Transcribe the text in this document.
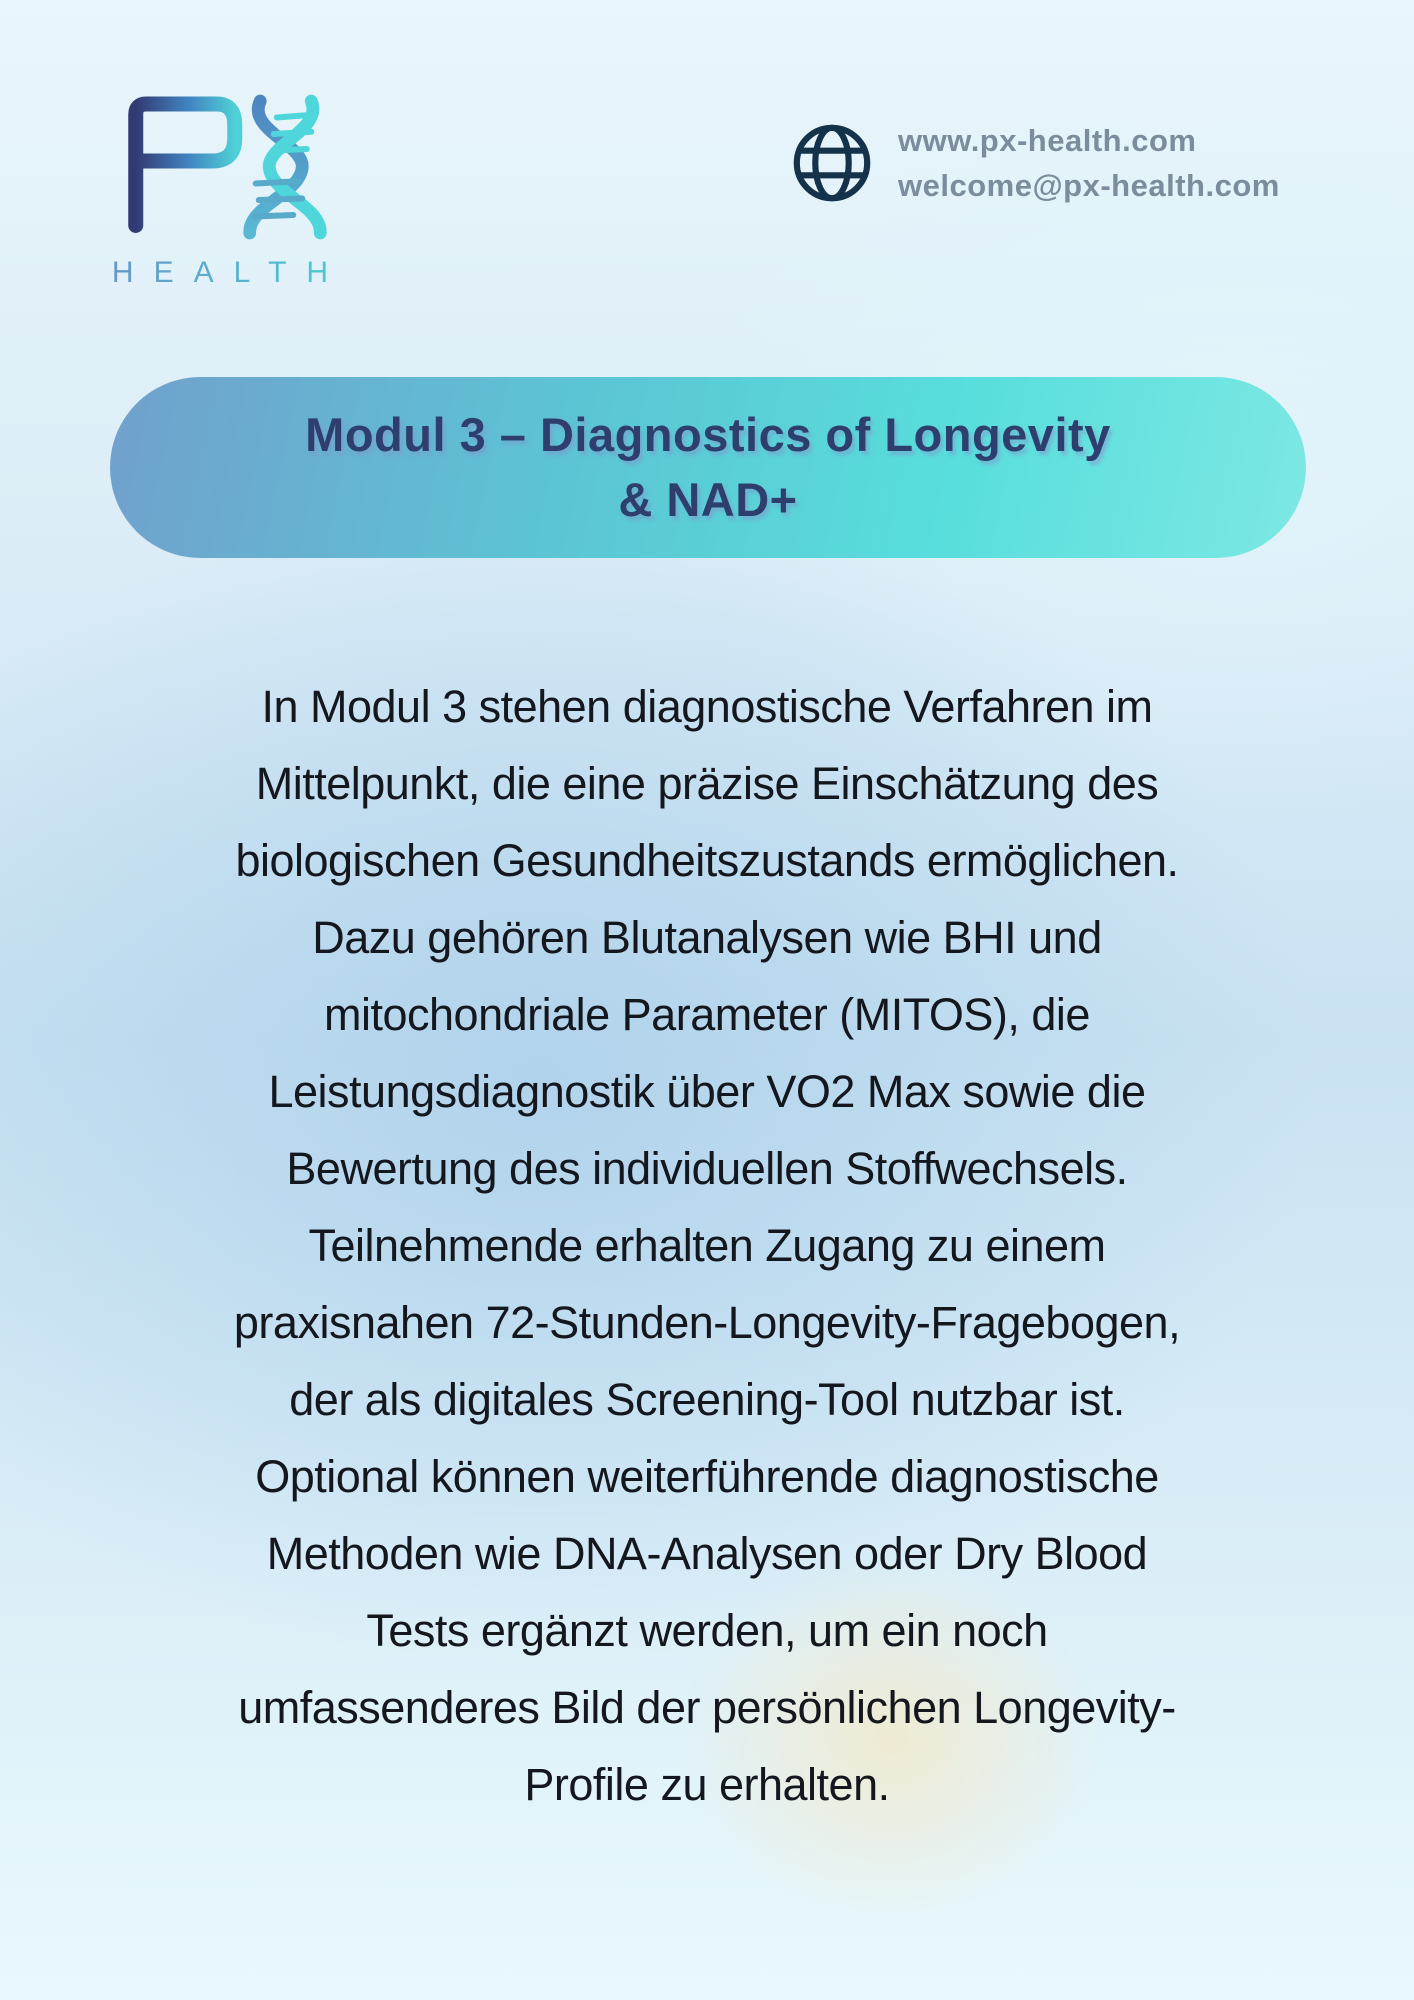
HEALTH
www.px-health.com
welcome@px-health.com
Modul 3 – Diagnostics of Longevity
& NAD+
In Modul 3 stehen diagnostische Verfahren im
Mittelpunkt, die eine präzise Einschätzung des
biologischen Gesundheitszustands ermöglichen.
Dazu gehören Blutanalysen wie BHI und
mitochondriale Parameter (MITOS), die
Leistungsdiagnostik über VO2 Max sowie die
Bewertung des individuellen Stoffwechsels.
Teilnehmende erhalten Zugang zu einem
praxisnahen 72-Stunden-Longevity-Fragebogen,
der als digitales Screening-Tool nutzbar ist.
Optional können weiterführende diagnostische
Methoden wie DNA-Analysen oder Dry Blood
Tests ergänzt werden, um ein noch
umfassenderes Bild der persönlichen Longevity-
Profile zu erhalten.
